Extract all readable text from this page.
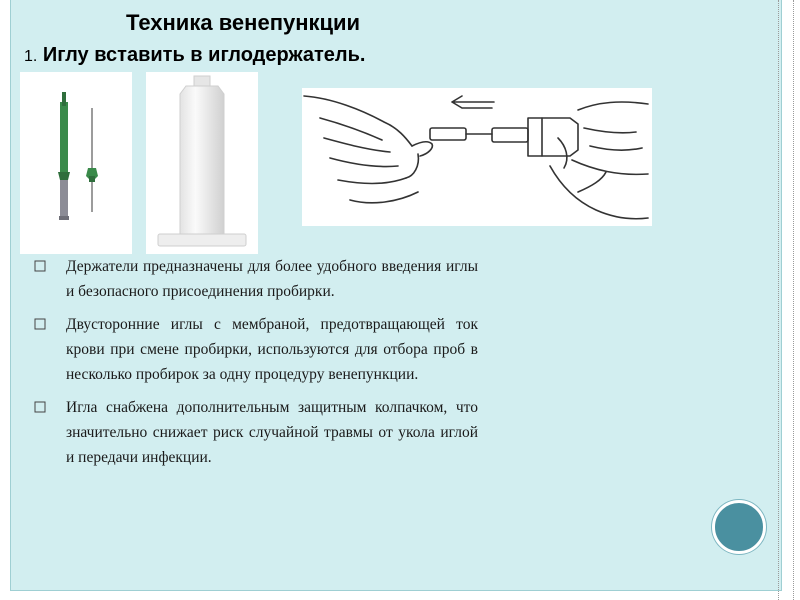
Техника венепункции
1. Иглу вставить в иглодержатель.
Держатели предназначены для более удобного введения иглы и безопасного присоединения пробирки.
Двусторонние иглы с мембраной, предотвращающей ток крови при смене пробирки, используются для отбора проб в несколько пробирок за одну процедуру венепункции.
Игла снабжена дополнительным защитным колпачком, что значительно снижает риск случайной травмы от укола иглой и передачи инфекции.
